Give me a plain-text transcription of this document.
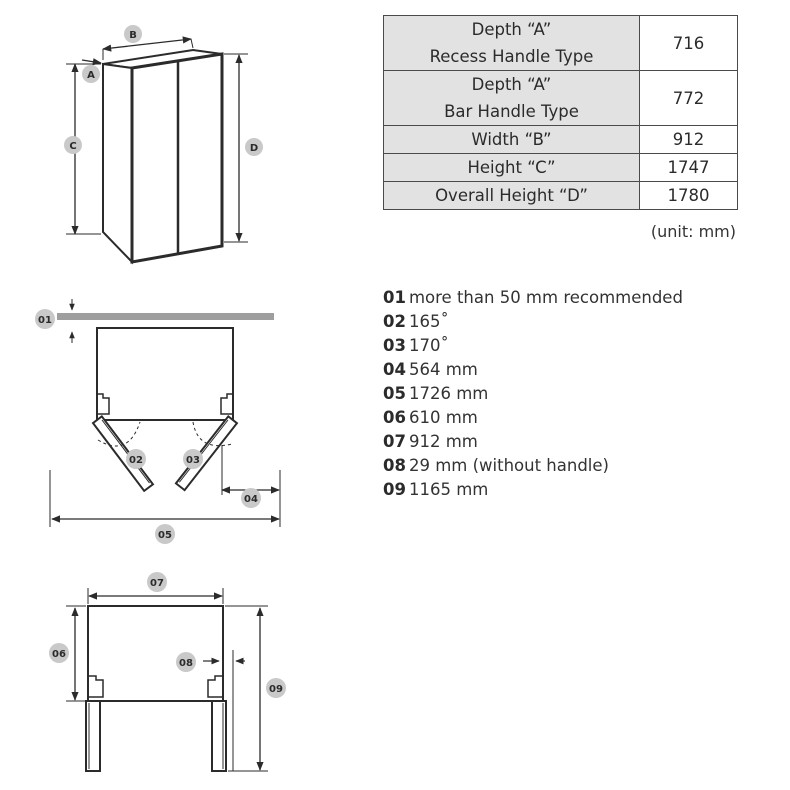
B
A
C	D
01
02	03
04
05
07
06
08
09
Depth “A”
Recess Handle Type	716
Depth “A”
Bar Handle Type	772
Width “B”	912
Height “C”	1747
Overall Height “D”	1780
(unit: mm)
01 more than 50 mm recommended
02 165˚
03 170˚
04 564 mm
05 1726 mm
06 610 mm
07 912 mm
08 29 mm (without handle)
09 1165 mm
